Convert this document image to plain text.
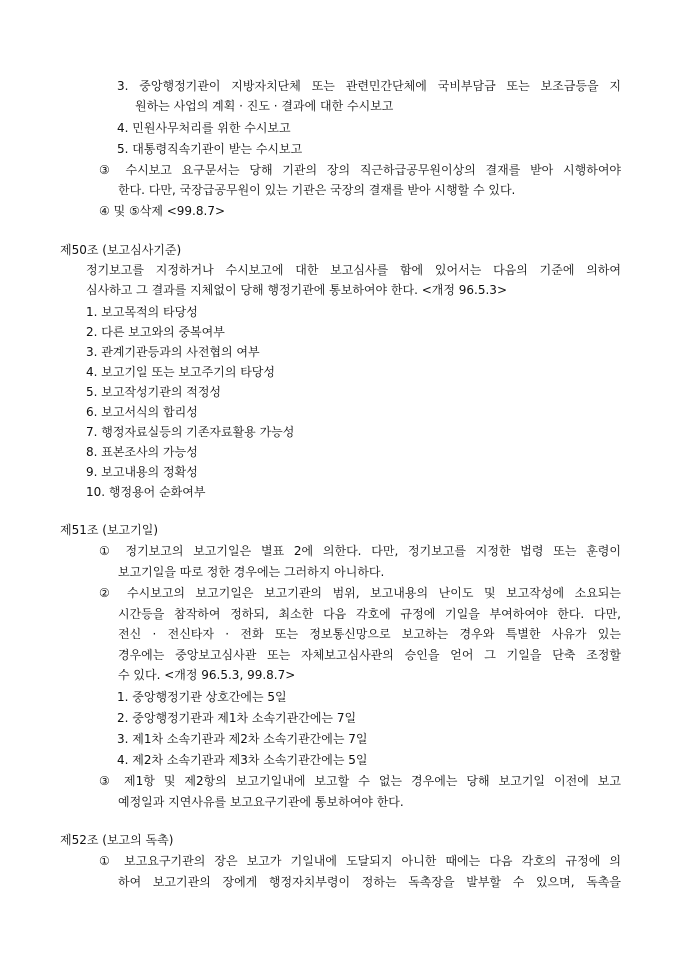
3. 중앙행정기관이 지방자치단체 또는 관련민간단체에 국비부담금 또는 보조금등을 지
원하는 사업의 계획 · 진도 · 결과에 대한 수시보고
4. 민원사무처리를 위한 수시보고
5. 대통령직속기관이 받는 수시보고
③ 수시보고 요구문서는 당해 기관의 장의 직근하급공무원이상의 결재를 받아 시행하여야
한다. 다만, 국장급공무원이 있는 기관은 국장의 결재를 받아 시행할 수 있다.
④ 및 ⑤삭제 <99.8.7>
제50조 (보고심사기준)
정기보고를 지정하거나 수시보고에 대한 보고심사를 함에 있어서는 다음의 기준에 의하여
심사하고 그 결과를 지체없이 당해 행정기관에 통보하여야 한다. <개정 96.5.3>
1. 보고목적의 타당성
2. 다른 보고와의 중복여부
3. 관계기관등과의 사전협의 여부
4. 보고기일 또는 보고주기의 타당성
5. 보고작성기관의 적정성
6. 보고서식의 합리성
7. 행정자료실등의 기존자료활용 가능성
8. 표본조사의 가능성
9. 보고내용의 정확성
10. 행정용어 순화여부
제51조 (보고기일)
① 정기보고의 보고기일은 별표 2에 의한다. 다만, 정기보고를 지정한 법령 또는 훈령이
보고기일을 따로 정한 경우에는 그러하지 아니하다.
② 수시보고의 보고기일은 보고기관의 범위, 보고내용의 난이도 및 보고작성에 소요되는
시간등을 참작하여 정하되, 최소한 다음 각호에 규정에 기일을 부여하여야 한다. 다만,
전신 · 전신타자 · 전화 또는 정보통신망으로 보고하는 경우와 특별한 사유가 있는
경우에는 중앙보고심사관 또는 자체보고심사관의 승인을 얻어 그 기일을 단축 조정할
수 있다. <개정 96.5.3, 99.8.7>
1. 중앙행정기관 상호간에는 5일
2. 중앙행정기관과 제1차 소속기관간에는 7일
3. 제1차 소속기관과 제2차 소속기관간에는 7일
4. 제2차 소속기관과 제3차 소속기관간에는 5일
③ 제1항 및 제2항의 보고기일내에 보고할 수 없는 경우에는 당해 보고기일 이전에 보고
예정일과 지연사유를 보고요구기관에 통보하여야 한다.
제52조 (보고의 독촉)
① 보고요구기관의 장은 보고가 기일내에 도달되지 아니한 때에는 다음 각호의 규정에 의
하여 보고기관의 장에게 행정자치부령이 정하는 독촉장을 발부할 수 있으며, 독촉을
